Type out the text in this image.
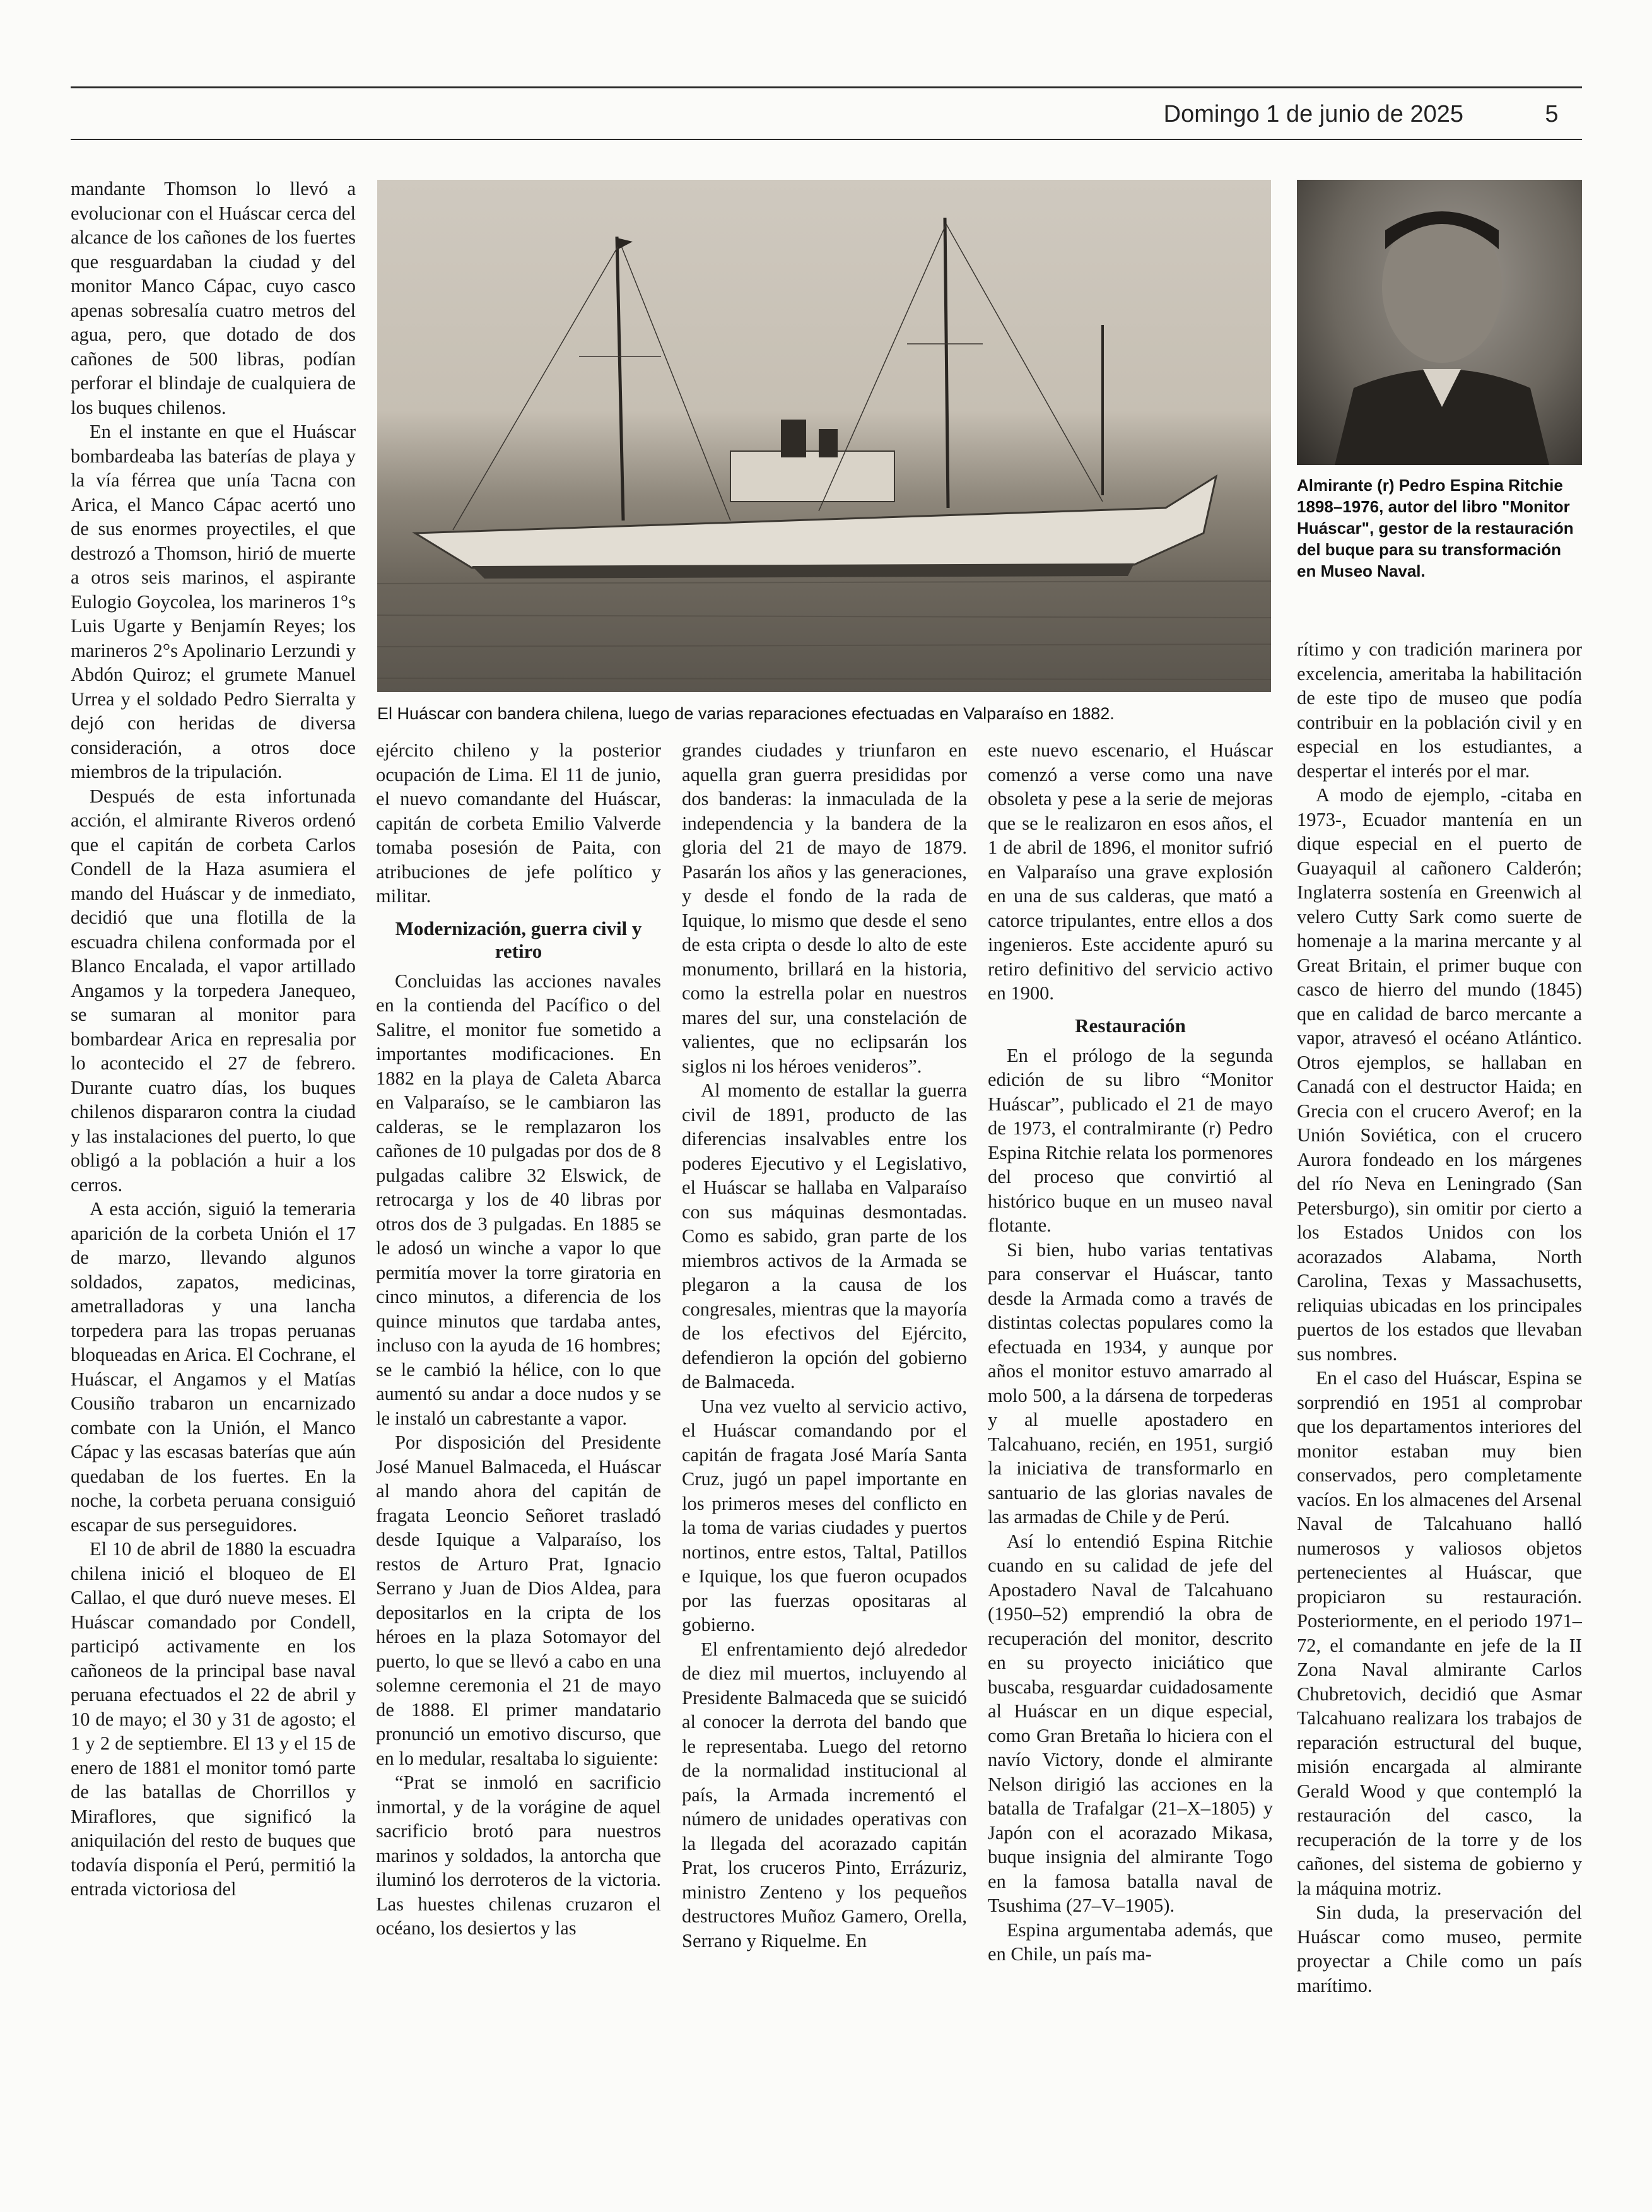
Domingo 1 de junio de 2025	5

mandante Thomson lo llevó a evolucionar con el Huáscar cerca del alcance de los cañones de los fuertes que resguardaban la ciudad y del monitor Manco Cápac, cuyo casco apenas sobresalía cuatro metros del agua, pero, que dotado de dos cañones de 500 libras, podían perforar el blindaje de cualquiera de los buques chilenos.

En el instante en que el Huáscar bombardeaba las baterías de playa y la vía férrea que unía Tacna con Arica, el Manco Cápac acertó uno de sus enormes proyectiles, el que destrozó a Thomson, hirió de muerte a otros seis marinos, el aspirante Eulogio Goycolea, los marineros 1°s Luis Ugarte y Benjamín Reyes; los marineros 2°s Apolinario Lerzundi y Abdón Quiroz; el grumete Manuel Urrea y el soldado Pedro Sierralta y dejó con heridas de diversa consideración, a otros doce miembros de la tripulación.

Después de esta infortunada acción, el almirante Riveros ordenó que el capitán de corbeta Carlos Condell de la Haza asumiera el mando del Huáscar y de inmediato, decidió que una flotilla de la escuadra chilena conformada por el Blanco Encalada, el vapor artillado Angamos y la torpedera Janequeo, se sumaran al monitor para bombardear Arica en represalia por lo acontecido el 27 de febrero. Durante cuatro días, los buques chilenos dispararon contra la ciudad y las instalaciones del puerto, lo que obligó a la población a huir a los cerros.

A esta acción, siguió la temeraria aparición de la corbeta Unión el 17 de marzo, llevando algunos soldados, zapatos, medicinas, ametralladoras y una lancha torpedera para las tropas peruanas bloqueadas en Arica. El Cochrane, el Huáscar, el Angamos y el Matías Cousiño trabaron un encarnizado combate con la Unión, el Manco Cápac y las escasas baterías que aún quedaban de los fuertes. En la noche, la corbeta peruana consiguió escapar de sus perseguidores.

El 10 de abril de 1880 la escuadra chilena inició el bloqueo de El Callao, el que duró nueve meses. El Huáscar comandado por Condell, participó activamente en los cañoneos de la principal base naval peruana efectuados el 22 de abril y 10 de mayo; el 30 y 31 de agosto; el 1 y 2 de septiembre. El 13 y el 15 de enero de 1881 el monitor tomó parte de las batallas de Chorrillos y Miraflores, que significó la aniquilación del resto de buques que todavía disponía el Perú, permitió la entrada victoriosa del

El Huáscar con bandera chilena, luego de varias reparaciones efectuadas en Valparaíso en 1882.
Almirante (r) Pedro Espina Ritchie 1898–1976, autor del libro "Monitor Huáscar", gestor de la restauración del buque para su transformación en Museo Naval.

ejército chileno y la posterior ocupación de Lima. El 11 de junio, el nuevo comandante del Huáscar, capitán de corbeta Emilio Valverde tomaba posesión de Paita, con atribuciones de jefe político y militar.

Modernización, guerra civil y retiro

Concluidas las acciones navales en la contienda del Pacífico o del Salitre, el monitor fue sometido a importantes modificaciones. En 1882 en la playa de Caleta Abarca en Valparaíso, se le cambiaron las calderas, se le remplazaron los cañones de 10 pulgadas por dos de 8 pulgadas calibre 32 Elswick, de retrocarga y los de 40 libras por otros dos de 3 pulgadas. En 1885 se le adosó un winche a vapor lo que permitía mover la torre giratoria en cinco minutos, a diferencia de los quince minutos que tardaba antes, incluso con la ayuda de 16 hombres; se le cambió la hélice, con lo que aumentó su andar a doce nudos y se le instaló un cabrestante a vapor.

Por disposición del Presidente José Manuel Balmaceda, el Huáscar al mando ahora del capitán de fragata Leoncio Señoret trasladó desde Iquique a Valparaíso, los restos de Arturo Prat, Ignacio Serrano y Juan de Dios Aldea, para depositarlos en la cripta de los héroes en la plaza Sotomayor del puerto, lo que se llevó a cabo en una solemne ceremonia el 21 de mayo de 1888. El primer mandatario pronunció un emotivo discurso, que en lo medular, resaltaba lo siguiente:

“Prat se inmoló en sacrificio inmortal, y de la vorágine de aquel sacrificio brotó para nuestros marinos y soldados, la antorcha que iluminó los derroteros de la victoria. Las huestes chilenas cruzaron el océano, los desiertos y las

grandes ciudades y triunfaron en aquella gran guerra presididas por dos banderas: la inmaculada de la independencia y la bandera de la gloria del 21 de mayo de 1879. Pasarán los años y las generaciones, y desde el fondo de la rada de Iquique, lo mismo que desde el seno de esta cripta o desde lo alto de este monumento, brillará en la historia, como la estrella polar en nuestros mares del sur, una constelación de valientes, que no eclipsarán los siglos ni los héroes venideros”.

Al momento de estallar la guerra civil de 1891, producto de las diferencias insalvables entre los poderes Ejecutivo y el Legislativo, el Huáscar se hallaba en Valparaíso con sus máquinas desmontadas. Como es sabido, gran parte de los miembros activos de la Armada se plegaron a la causa de los congresales, mientras que la mayoría de los efectivos del Ejército, defendieron la opción del gobierno de Balmaceda.

Una vez vuelto al servicio activo, el Huáscar comandando por el capitán de fragata José María Santa Cruz, jugó un papel importante en los primeros meses del conflicto en la toma de varias ciudades y puertos nortinos, entre estos, Taltal, Patillos e Iquique, los que fueron ocupados por las fuerzas opositaras al gobierno.

El enfrentamiento dejó alrededor de diez mil muertos, incluyendo al Presidente Balmaceda que se suicidó al conocer la derrota del bando que le representaba. Luego del retorno de la normalidad institucional al país, la Armada incrementó el número de unidades operativas con la llegada del acorazado capitán Prat, los cruceros Pinto, Errázuriz, ministro Zenteno y los pequeños destructores Muñoz Gamero, Orella, Serrano y Riquelme. En

este nuevo escenario, el Huáscar comenzó a verse como una nave obsoleta y pese a la serie de mejoras que se le realizaron en esos años, el 1 de abril de 1896, el monitor sufrió en Valparaíso una grave explosión en una de sus calderas, que mató a catorce tripulantes, entre ellos a dos ingenieros. Este accidente apuró su retiro definitivo del servicio activo en 1900.

Restauración

En el prólogo de la segunda edición de su libro “Monitor Huáscar”, publicado el 21 de mayo de 1973, el contralmirante (r) Pedro Espina Ritchie relata los pormenores del proceso que convirtió al histórico buque en un museo naval flotante.

Si bien, hubo varias tentativas para conservar el Huáscar, tanto desde la Armada como a través de distintas colectas populares como la efectuada en 1934, y aunque por años el monitor estuvo amarrado al molo 500, a la dársena de torpederas y al muelle apostadero en Talcahuano, recién, en 1951, surgió la iniciativa de transformarlo en santuario de las glorias navales de las armadas de Chile y de Perú.

Así lo entendió Espina Ritchie cuando en su calidad de jefe del Apostadero Naval de Talcahuano (1950–52) emprendió la obra de recuperación del monitor, descrito en su proyecto iniciático que buscaba, resguardar cuidadosamente al Huáscar en un dique especial, como Gran Bretaña lo hiciera con el navío Victory, donde el almirante Nelson dirigió las acciones en la batalla de Trafalgar (21–X–1805) y Japón con el acorazado Mikasa, buque insignia del almirante Togo en la famosa batalla naval de Tsushima (27–V–1905).

Espina argumentaba además, que en Chile, un país ma-

rítimo y con tradición marinera por excelencia, ameritaba la habilitación de este tipo de museo que podía contribuir en la población civil y en especial en los estudiantes, a despertar el interés por el mar.

A modo de ejemplo, -citaba en 1973-, Ecuador mantenía en un dique especial en el puerto de Guayaquil al cañonero Calderón; Inglaterra sostenía en Greenwich al velero Cutty Sark como suerte de homenaje a la marina mercante y al Great Britain, el primer buque con casco de hierro del mundo (1845) que en calidad de barco mercante a vapor, atravesó el océano Atlántico. Otros ejemplos, se hallaban en Canadá con el destructor Haida; en Grecia con el crucero Averof; en la Unión Soviética, con el crucero Aurora fondeado en los márgenes del río Neva en Leningrado (San Petersburgo), sin omitir por cierto a los Estados Unidos con los acorazados Alabama, North Carolina, Texas y Massachusetts, reliquias ubicadas en los principales puertos de los estados que llevaban sus nombres.

En el caso del Huáscar, Espina se sorprendió en 1951 al comprobar que los departamentos interiores del monitor estaban muy bien conservados, pero completamente vacíos. En los almacenes del Arsenal Naval de Talcahuano halló numerosos y valiosos objetos pertenecientes al Huáscar, que propiciaron su restauración. Posteriormente, en el periodo 1971–72, el comandante en jefe de la II Zona Naval almirante Carlos Chubretovich, decidió que Asmar Talcahuano realizara los trabajos de reparación estructural del buque, misión encargada al almirante Gerald Wood y que contempló la restauración del casco, la recuperación de la torre y de los cañones, del sistema de gobierno y la máquina motriz.

Sin duda, la preservación del Huáscar como museo, permite proyectar a Chile como un país marítimo.
